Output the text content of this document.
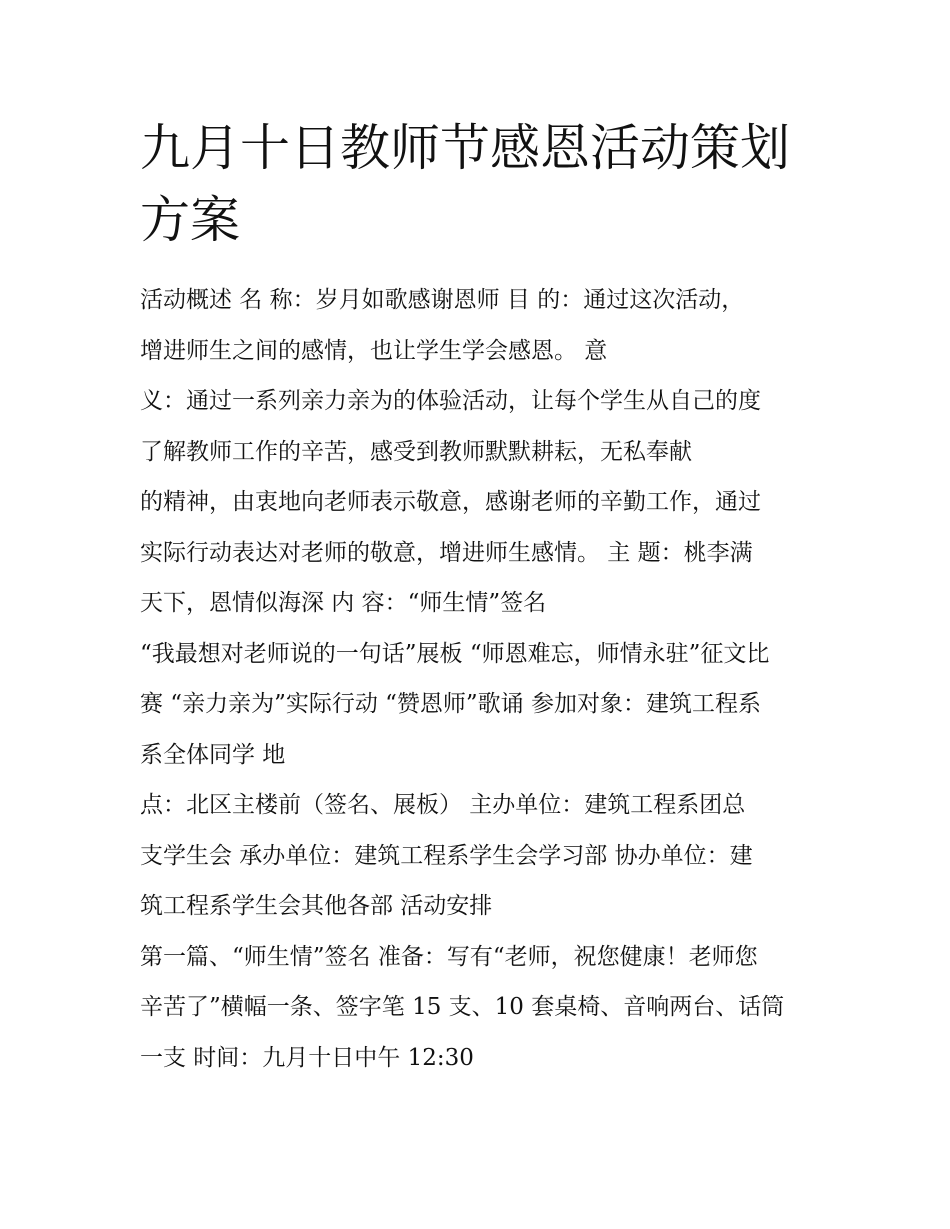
九月十日教师节感恩活动策划
方案
活动概述 名 称：岁月如歌感谢恩师 目 的：通过这次活动，
增进师生之间的感情，也让学生学会感恩。 意
义：通过一系列亲力亲为的体验活动，让每个学生从自己的度
了解教师工作的辛苦，感受到教师默默耕耘，无私奉献
的精神，由衷地向老师表示敬意，感谢老师的辛勤工作，通过
实际行动表达对老师的敬意，增进师生感情。 主 题：桃李满
天下，恩情似海深 内 容：“师生情”签名
“我最想对老师说的一句话”展板 “师恩难忘，师情永驻”征文比
赛 “亲力亲为”实际行动 “赞恩师”歌诵 参加对象：建筑工程系
系全体同学 地
点：北区主楼前（签名、展板） 主办单位：建筑工程系团总
支学生会 承办单位：建筑工程系学生会学习部 协办单位：建
筑工程系学生会其他各部 活动安排
第一篇、“师生情”签名 准备：写有“老师，祝您健康！老师您
辛苦了”横幅一条、签字笔 15 支、10 套桌椅、音响两台、话筒
一支 时间：九月十日中午 12:30
